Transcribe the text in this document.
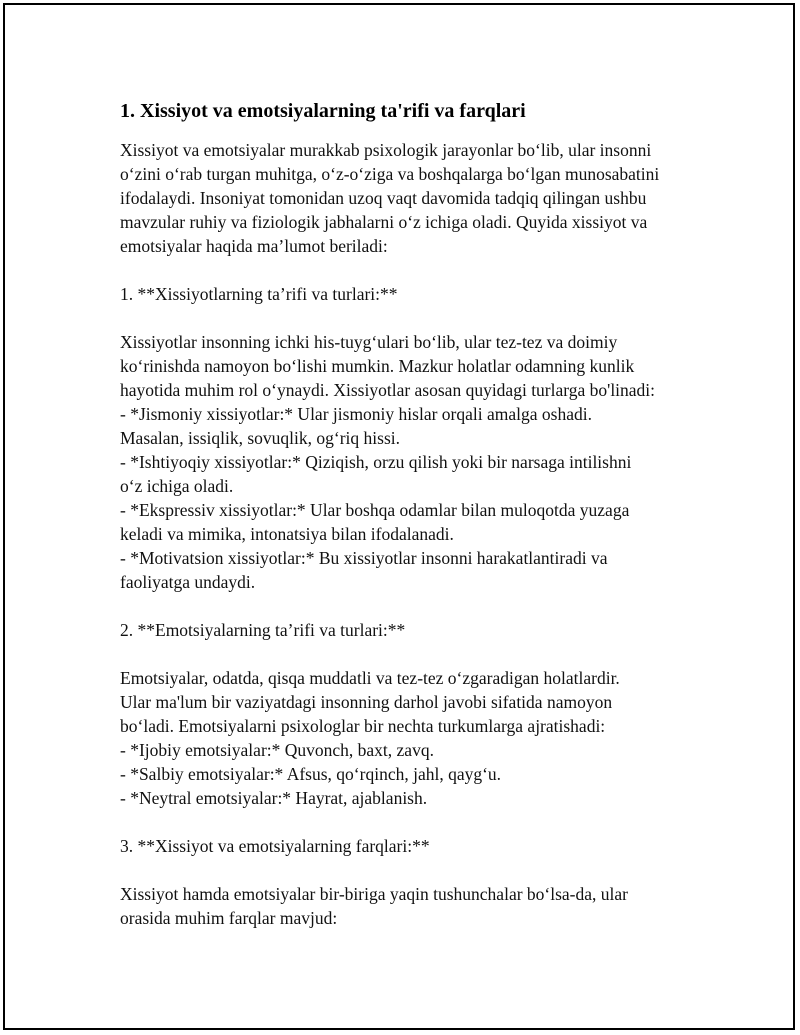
1. Xissiyot va emotsiyalarning ta'rifi va farqlari

Xissiyot va emotsiyalar murakkab psixologik jarayonlar bo‘lib, ular insonni
o‘zini o‘rab turgan muhitga, o‘z-o‘ziga va boshqalarga bo‘lgan munosabatini
ifodalaydi. Insoniyat tomonidan uzoq vaqt davomida tadqiq qilingan ushbu
mavzular ruhiy va fiziologik jabhalarni o‘z ichiga oladi. Quyida xissiyot va
emotsiyalar haqida ma’lumot beriladi:

1. **Xissiyotlarning ta’rifi va turlari:**

Xissiyotlar insonning ichki his-tuyg‘ulari bo‘lib, ular tez-tez va doimiy
ko‘rinishda namoyon bo‘lishi mumkin. Mazkur holatlar odamning kunlik
hayotida muhim rol o‘ynaydi. Xissiyotlar asosan quyidagi turlarga bo'linadi:

- *Jismoniy xissiyotlar:* Ular jismoniy hislar orqali amalga oshadi.
Masalan, issiqlik, sovuqlik, og‘riq hissi.

- *Ishtiyoqiy xissiyotlar:* Qiziqish, orzu qilish yoki bir narsaga intilishni
o‘z ichiga oladi.

- *Ekspressiv xissiyotlar:* Ular boshqa odamlar bilan muloqotda yuzaga
keladi va mimika, intonatsiya bilan ifodalanadi.

- *Motivatsion xissiyotlar:* Bu xissiyotlar insonni harakatlantiradi va
faoliyatga undaydi.

2. **Emotsiyalarning ta’rifi va turlari:**

Emotsiyalar, odatda, qisqa muddatli va tez-tez o‘zgaradigan holatlardir.
Ular ma'lum bir vaziyatdagi insonning darhol javobi sifatida namoyon
bo‘ladi. Emotsiyalarni psixologlar bir nechta turkumlarga ajratishadi:

- *Ijobiy emotsiyalar:* Quvonch, baxt, zavq.

- *Salbiy emotsiyalar:* Afsus, qo‘rqinch, jahl, qayg‘u.

- *Neytral emotsiyalar:* Hayrat, ajablanish.

3. **Xissiyot va emotsiyalarning farqlari:**

Xissiyot hamda emotsiyalar bir-biriga yaqin tushunchalar bo‘lsa-da, ular
orasida muhim farqlar mavjud:
